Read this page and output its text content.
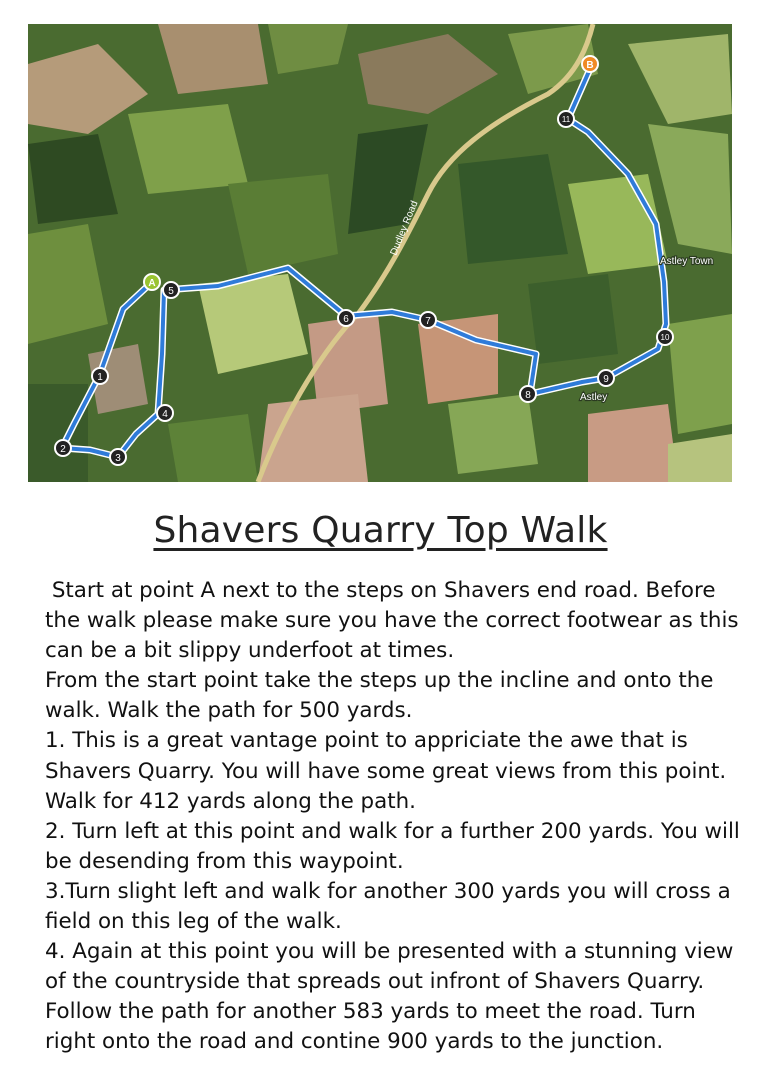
Dudley Road
Astley Town
Astley
A
B
1
2
3
4
5
6	7
8
9
10
11
Shavers Quarry Top Walk

Start at point A next to the steps on Shavers end road. Before the walk please make sure you have the correct footwear as this can be a bit slippy underfoot at times.

From the start point take the steps up the incline and onto the walk. Walk the path for 500 yards.

1. This is a great vantage point to appriciate the awe that is Shavers Quarry. You will have some great views from this point. Walk for 412 yards along the path.

2. Turn left at this point and walk for a further 200 yards. You will be desending from this waypoint.

3.Turn slight left and walk for another 300 yards you will cross a field on this leg of the walk.

4. Again at this point you will be presented with a stunning view of the countryside that spreads out infront of Shavers Quarry. Follow the path for another 583 yards to meet the road. Turn right onto the road and contine 900 yards to the junction.
